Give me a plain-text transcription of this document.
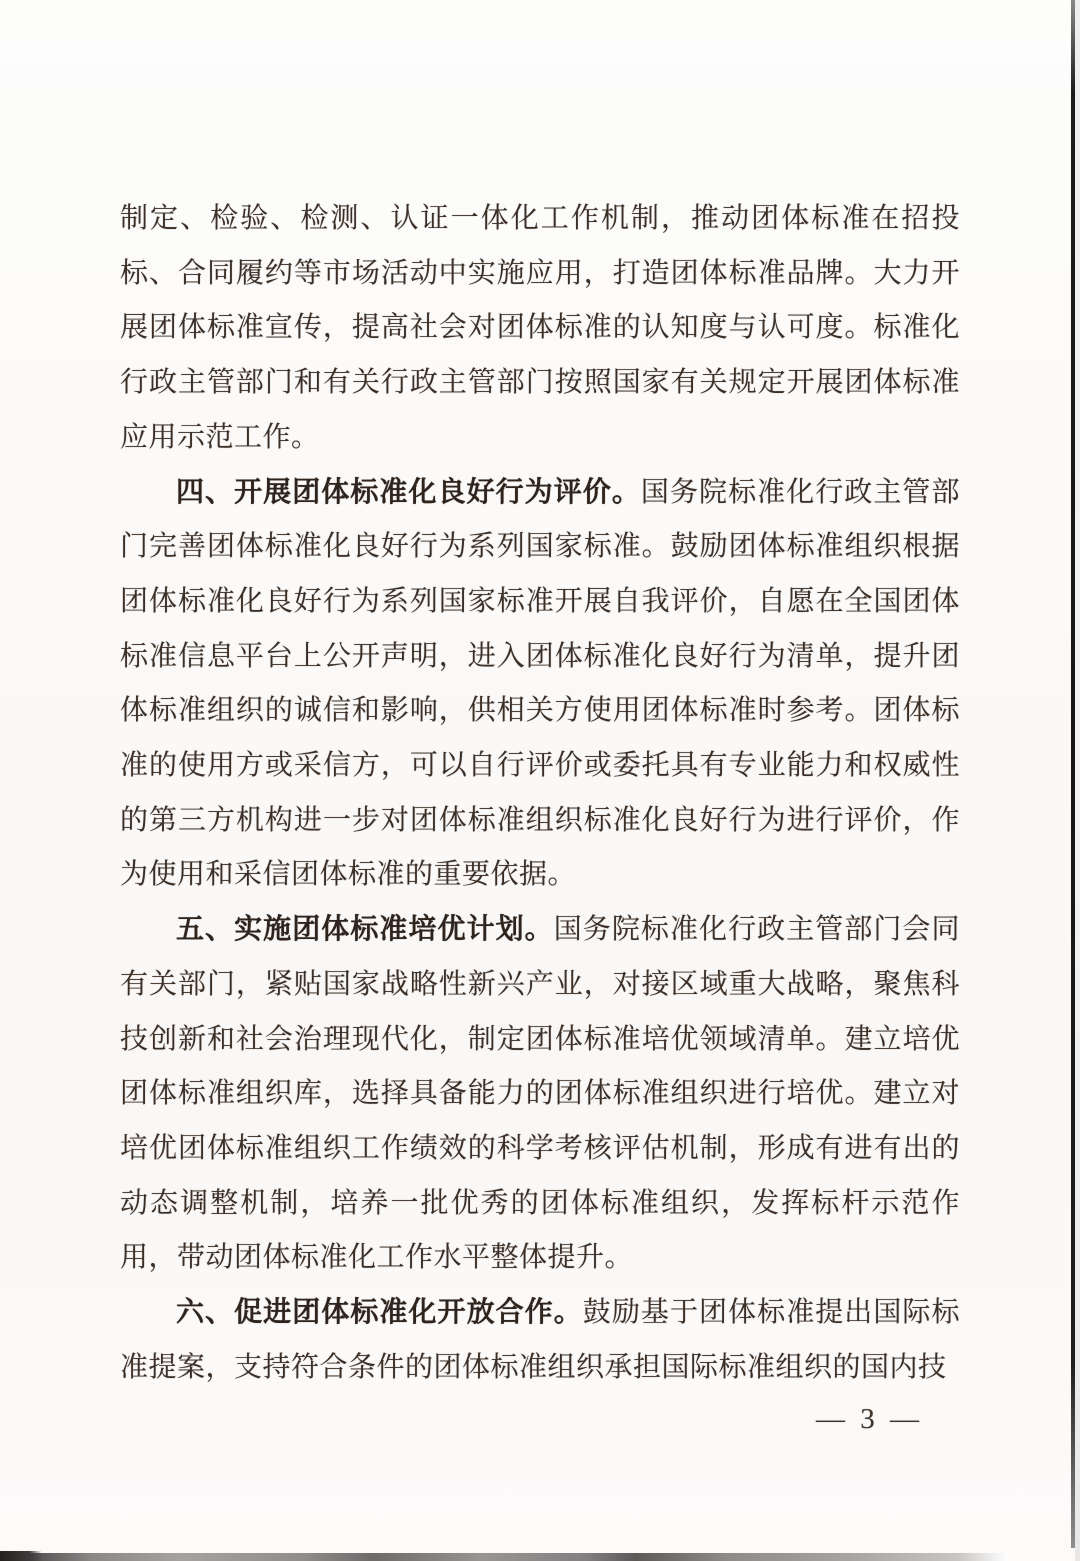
制定、检验、检测、认证一体化工作机制，推动团体标准在招投标、合同履约等市场活动中实施应用，打造团体标准品牌。大力开展团体标准宣传，提高社会对团体标准的认知度与认可度。标准化行政主管部门和有关行政主管部门按照国家有关规定开展团体标准应用示范工作。

四、开展团体标准化良好行为评价。国务院标准化行政主管部门完善团体标准化良好行为系列国家标准。鼓励团体标准组织根据团体标准化良好行为系列国家标准开展自我评价，自愿在全国团体标准信息平台上公开声明，进入团体标准化良好行为清单，提升团体标准组织的诚信和影响，供相关方使用团体标准时参考。团体标准的使用方或采信方，可以自行评价或委托具有专业能力和权威性的第三方机构进一步对团体标准组织标准化良好行为进行评价，作为使用和采信团体标准的重要依据。

五、实施团体标准培优计划。国务院标准化行政主管部门会同有关部门，紧贴国家战略性新兴产业，对接区域重大战略，聚焦科技创新和社会治理现代化，制定团体标准培优领域清单。建立培优团体标准组织库，选择具备能力的团体标准组织进行培优。建立对培优团体标准组织工作绩效的科学考核评估机制，形成有进有出的动态调整机制，培养一批优秀的团体标准组织，发挥标杆示范作用，带动团体标准化工作水平整体提升。

六、促进团体标准化开放合作。鼓励基于团体标准提出国际标准提案，支持符合条件的团体标准组织承担国际标准组织的国内技

— 3 —
